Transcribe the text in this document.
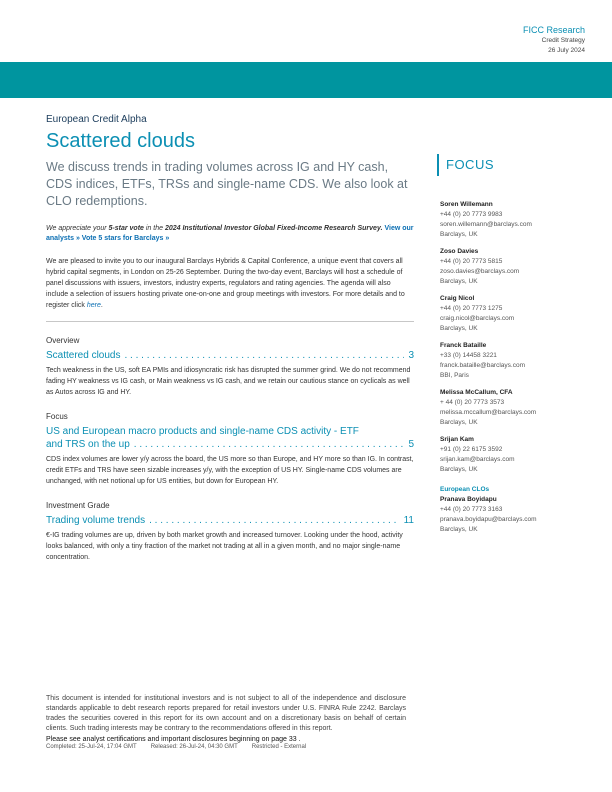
FICC Research
Credit Strategy
26 July 2024
European Credit Alpha
Scattered clouds
We discuss trends in trading volumes across IG and HY cash, CDS indices, ETFs, TRSs and single-name CDS. We also look at CLO redemptions.
We appreciate your 5-star vote in the 2024 Institutional Investor Global Fixed-Income Research Survey. View our analysts » Vote 5 stars for Barclays »
We are pleased to invite you to our inaugural Barclays Hybrids & Capital Conference, a unique event that covers all hybrid capital segments, in London on 25-26 September. During the two-day event, Barclays will host a schedule of panel discussions with issuers, investors, industry experts, regulators and rating agencies. The agenda will also include a selection of issuers hosting private one-on-one and group meetings with investors. For more details and to register click here.
Overview
Scattered clouds . . .	3
Tech weakness in the US, soft EA PMIs and idiosyncratic risk has disrupted the summer grind. We do not recommend fading HY weakness vs IG cash, or Main weakness vs IG cash, and we retain our cautious stance on cyclicals as well as Autos across IG and HY.
Focus
US and European macro products and single-name CDS activity - ETF
and TRS on the up . . .	5
CDS index volumes are lower y/y across the board, the US more so than Europe, and HY more so than IG. In contrast, credit ETFs and TRS have seen sizable increases y/y, with the exception of US HY. Single-name CDS volumes are unchanged, with net notional up for US entities, but down for European HY.
Investment Grade
Trading volume trends . . .	11
€-IG trading volumes are up, driven by both market growth and increased turnover. Looking under the hood, activity looks balanced, with only a tiny fraction of the market not trading at all in a given month, and no major single-name concentration.
FOCUS
Soren Willemann
+44 (0) 20 7773 9983
soren.willemann@barclays.com
Barclays, UK
Zoso Davies
+44 (0) 20 7773 5815
zoso.davies@barclays.com
Barclays, UK
Craig Nicol
+44 (0) 20 7773 1275
craig.nicol@barclays.com
Barclays, UK
Franck Bataille
+33 (0) 14458 3221
franck.bataille@barclays.com
BBI, Paris
Melissa McCallum, CFA
+ 44 (0) 20 7773 3573
melissa.mccallum@barclays.com
Barclays, UK
Srijan Kam
+91 (0) 22 6175 3592
srijan.kam@barclays.com
Barclays, UK
European CLOs
Pranava Boyidapu
+44 (0) 20 7773 3163
pranava.boyidapu@barclays.com
Barclays, UK
This document is intended for institutional investors and is not subject to all of the independence and disclosure standards applicable to debt research reports prepared for retail investors under U.S. FINRA Rule 2242. Barclays trades the securities covered in this report for its own account and on a discretionary basis on behalf of certain clients. Such trading interests may be contrary to the recommendations offered in this report.
Please see analyst certifications and important disclosures beginning on page 33 .
Completed: 25-Jul-24, 17:04 GMT Released: 26-Jul-24, 04:30 GMT Restricted - External
